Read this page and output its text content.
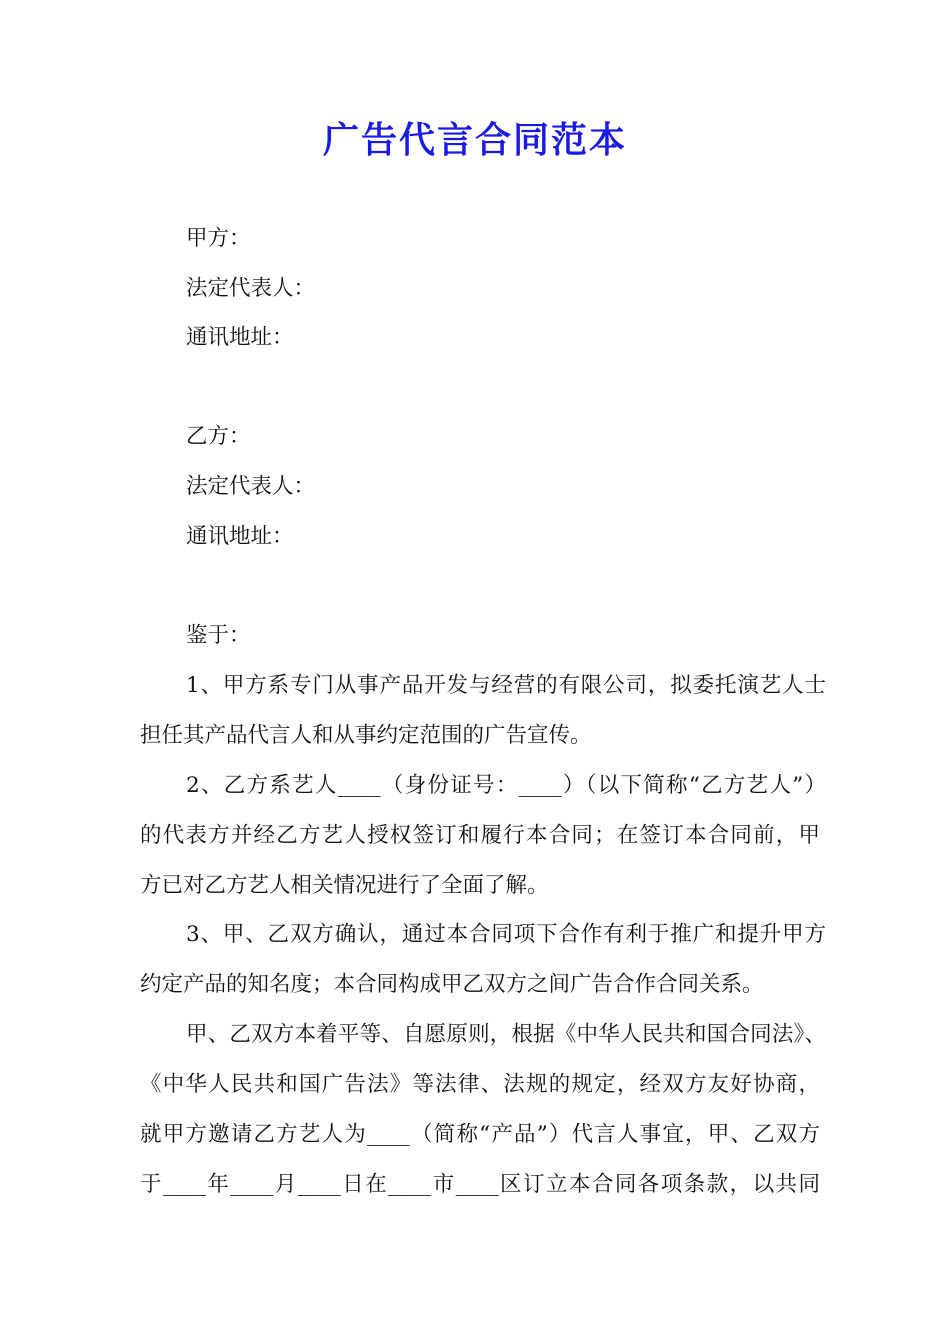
广告代言合同范本
甲方：
法定代表人：
通讯地址：
乙方：
法定代表人：
通讯地址：
鉴于：
1、甲方系专门从事产品开发与经营的有限公司，拟委托演艺人士
担任其产品代言人和从事约定范围的广告宣传。
2、乙方系艺人____（身份证号：____）（以下简称“乙方艺人”）
的代表方并经乙方艺人授权签订和履行本合同；在签订本合同前，甲
方已对乙方艺人相关情况进行了全面了解。
3、甲、乙双方确认，通过本合同项下合作有利于推广和提升甲方
约定产品的知名度；本合同构成甲乙双方之间广告合作合同关系。
甲、乙双方本着平等、自愿原则，根据《中华人民共和国合同法》、
《中华人民共和国广告法》等法律、法规的规定，经双方友好协商，
就甲方邀请乙方艺人为____（简称“产品”）代言人事宜，甲、乙双方
于____年____月____日在____市____区订立本合同各项条款，以共同
